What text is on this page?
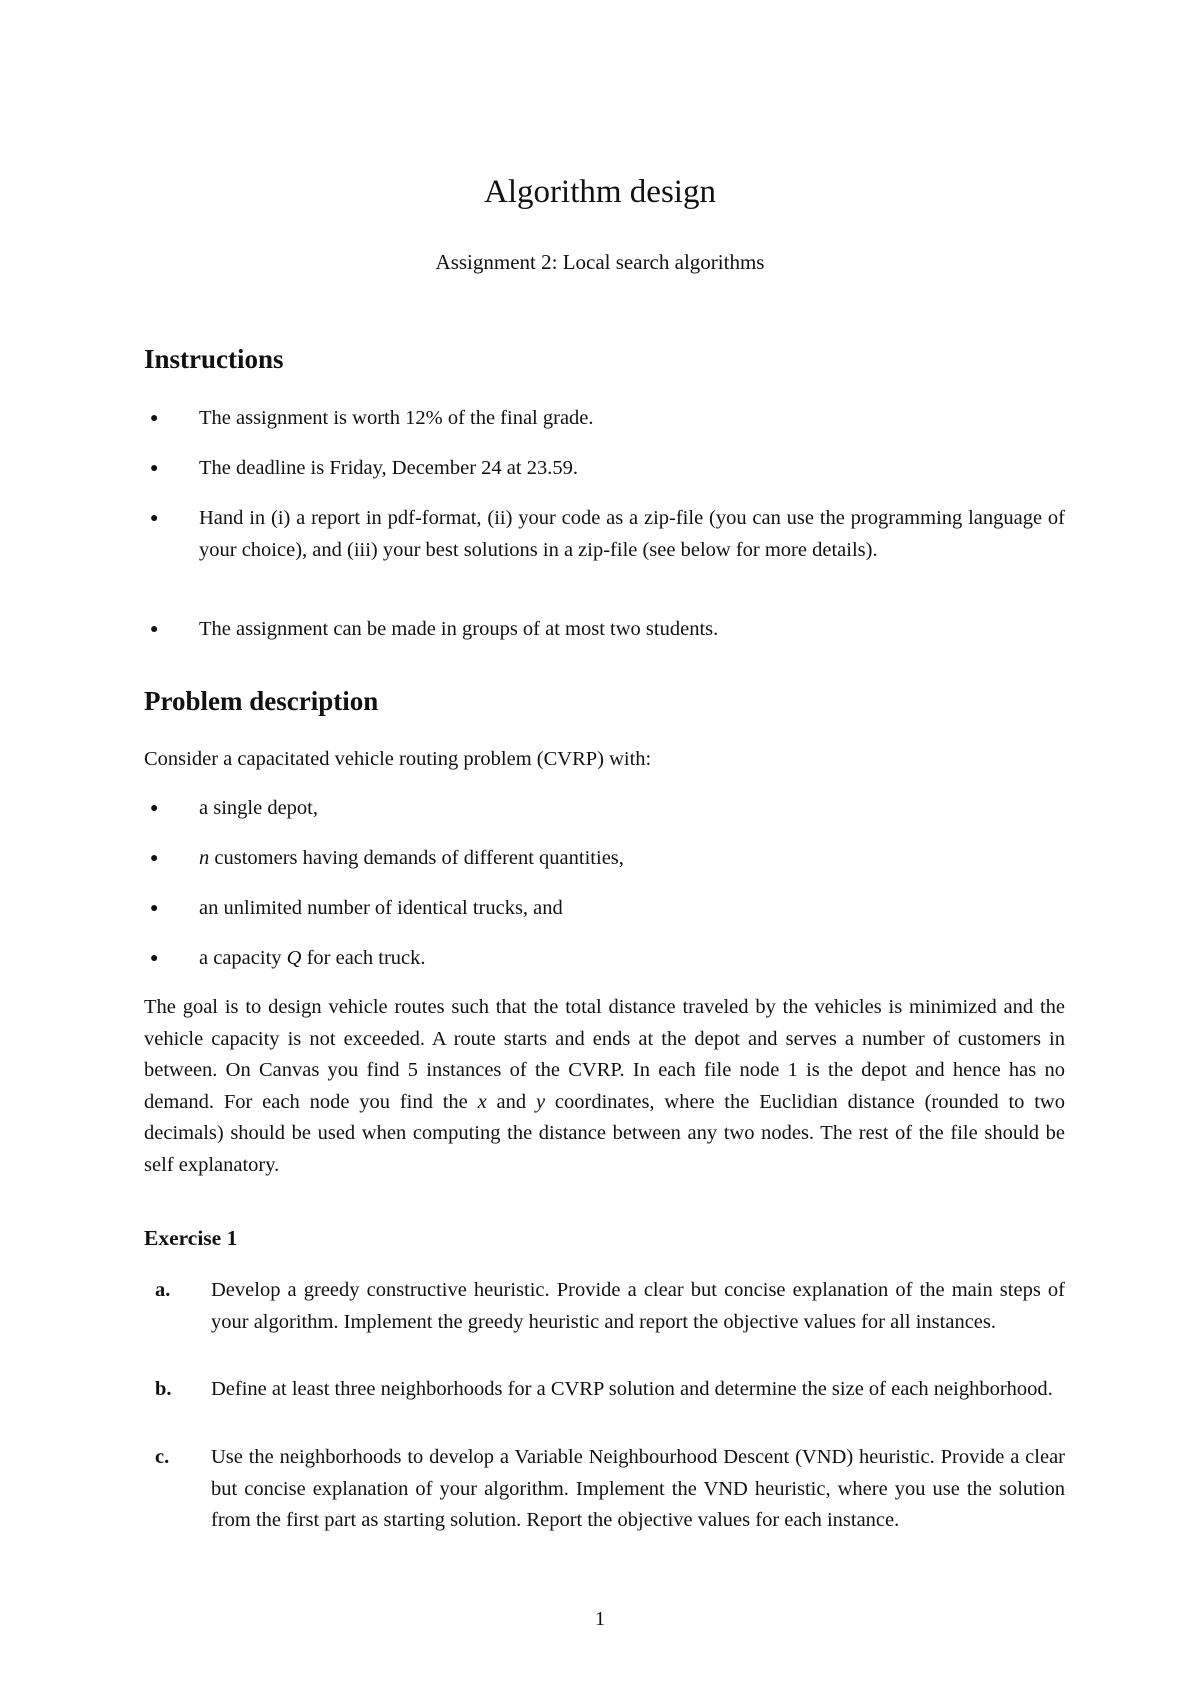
Algorithm design
Assignment 2: Local search algorithms
Instructions
● The assignment is worth 12% of the final grade.
● The deadline is Friday, December 24 at 23.59.
● Hand in (i) a report in pdf-format, (ii) your code as a zip-file (you can use the programming language of your choice), and (iii) your best solutions in a zip-file (see below for more details).
● The assignment can be made in groups of at most two students.
Problem description
Consider a capacitated vehicle routing problem (CVRP) with:
● a single depot,
● n customers having demands of different quantities,
● an unlimited number of identical trucks, and
● a capacity Q for each truck.
The goal is to design vehicle routes such that the total distance traveled by the vehicles is minimized and the vehicle capacity is not exceeded. A route starts and ends at the depot and serves a number of customers in between. On Canvas you find 5 instances of the CVRP. In each file node 1 is the depot and hence has no demand. For each node you find the x and y coordinates, where the Euclidian distance (rounded to two decimals) should be used when computing the distance between any two nodes. The rest of the file should be self explanatory.
Exercise 1
a. Develop a greedy constructive heuristic. Provide a clear but concise explanation of the main steps of your algorithm. Implement the greedy heuristic and report the objective values for all instances.
b. Define at least three neighborhoods for a CVRP solution and determine the size of each neighborhood.
c. Use the neighborhoods to develop a Variable Neighbourhood Descent (VND) heuristic. Provide a clear but concise explanation of your algorithm. Implement the VND heuristic, where you use the solution from the first part as starting solution. Report the objective values for each instance.
1
